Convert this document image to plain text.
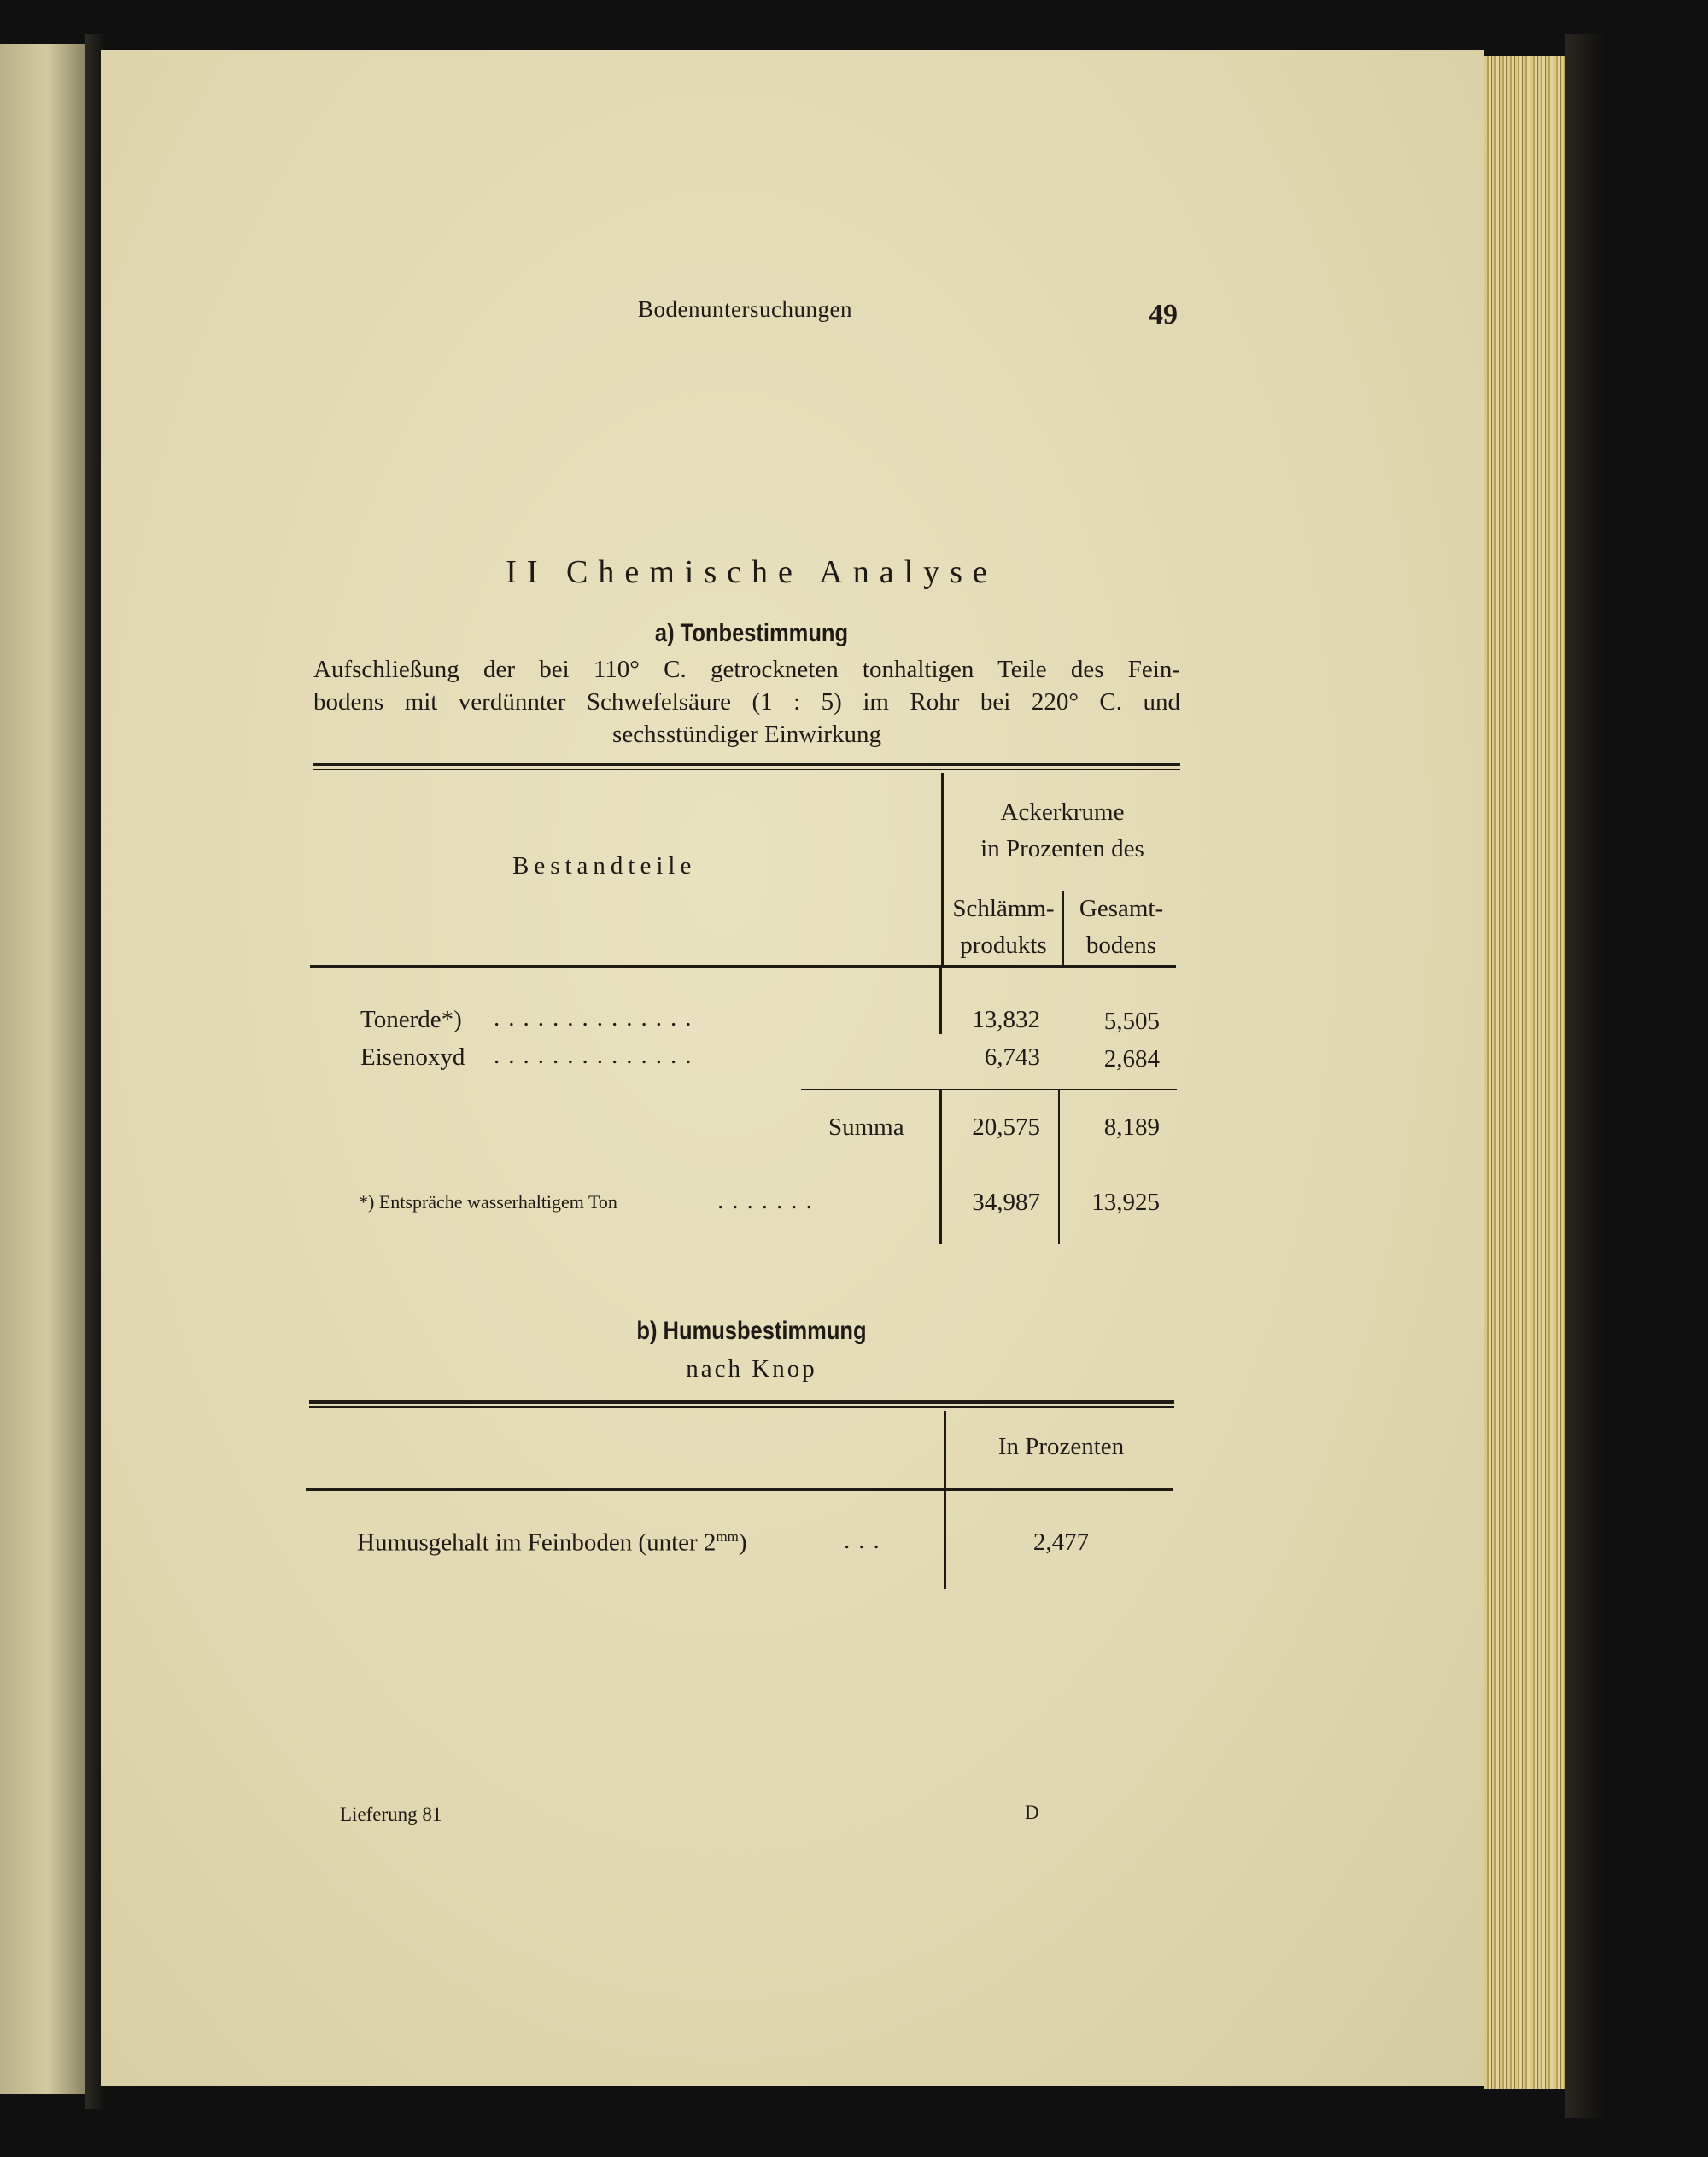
Bodenuntersuchungen	49
II Chemische Analyse
a) Tonbestimmung
Aufschließung der bei 110° C. getrockneten tonhaltigen Teile des Fein-
bodens mit verdünnter Schwefelsäure (1 : 5) im Rohr bei 220° C. und
sechsstündiger Einwirkung
Bestandteile
Ackerkrume
in Prozenten des
Schlämm-
produkts
Gesamt-
bodens
Tonerde*) ..............	13,832	5,505
Eisenoxyd ..............	6,743	2,684
Summa	20,575	8,189
*) Entspräche wasserhaltigem Ton	.......	34,987	13,925
b) Humusbestimmung
nach Knop
In Prozenten
Humusgehalt im Feinboden (unter $2^{mm}$)	...	2,477
Lieferung 81	D
